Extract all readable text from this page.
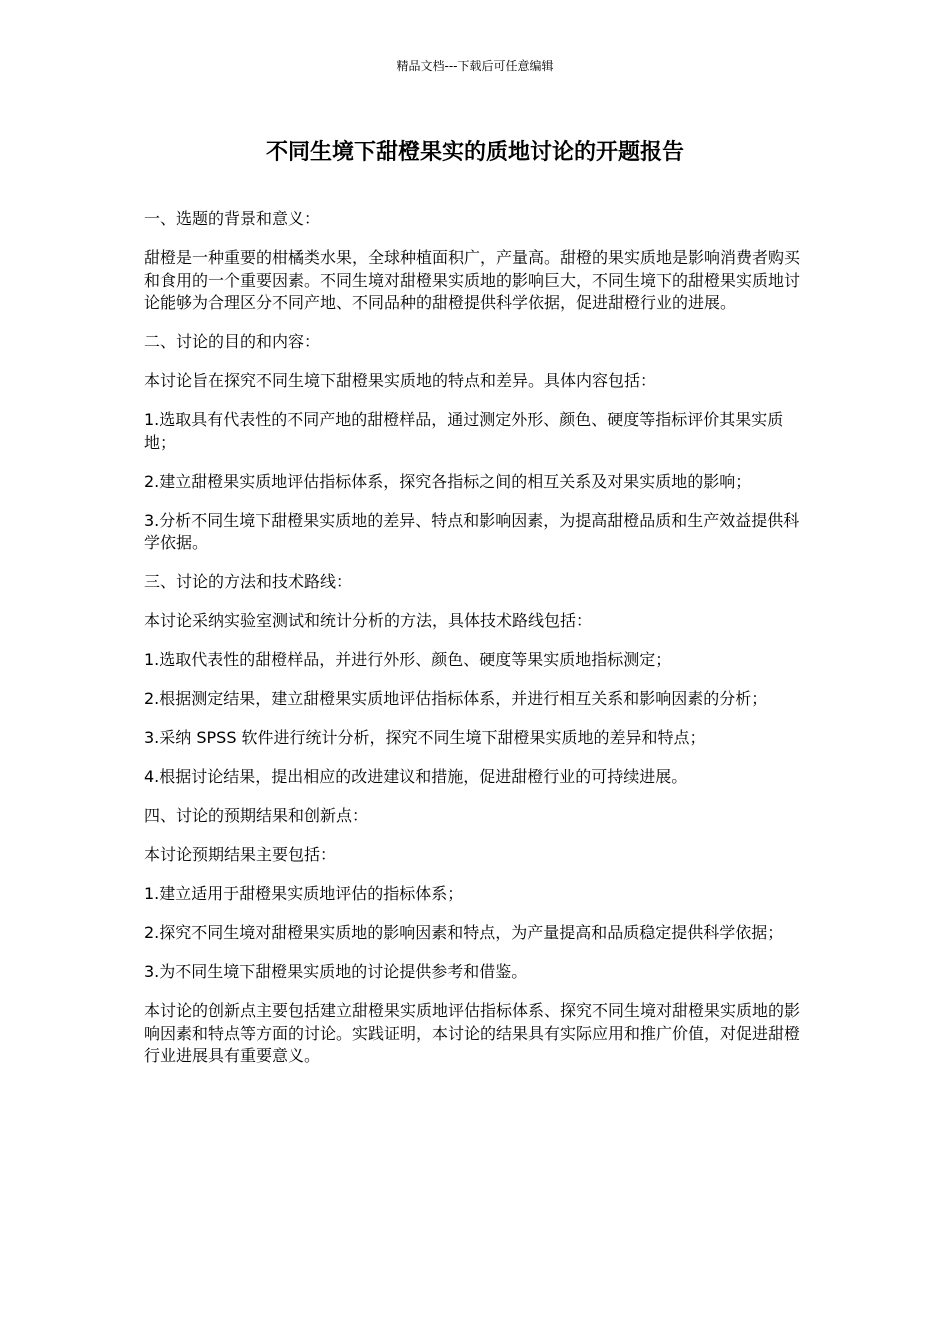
精品文档---下载后可任意编辑
不同生境下甜橙果实的质地讨论的开题报告

一、选题的背景和意义：

甜橙是一种重要的柑橘类水果，全球种植面积广，产量高。甜橙的果实质地是影响消费者购买和食用的一个重要因素。不同生境对甜橙果实质地的影响巨大，不同生境下的甜橙果实质地讨论能够为合理区分不同产地、不同品种的甜橙提供科学依据，促进甜橙行业的进展。

二、讨论的目的和内容：

本讨论旨在探究不同生境下甜橙果实质地的特点和差异。具体内容包括：

1.选取具有代表性的不同产地的甜橙样品，通过测定外形、颜色、硬度等指标评价其果实质地；

2.建立甜橙果实质地评估指标体系，探究各指标之间的相互关系及对果实质地的影响；

3.分析不同生境下甜橙果实质地的差异、特点和影响因素，为提高甜橙品质和生产效益提供科学依据。

三、讨论的方法和技术路线：

本讨论采纳实验室测试和统计分析的方法，具体技术路线包括：

1.选取代表性的甜橙样品，并进行外形、颜色、硬度等果实质地指标测定；

2.根据测定结果，建立甜橙果实质地评估指标体系，并进行相互关系和影响因素的分析；

3.采纳 SPSS 软件进行统计分析，探究不同生境下甜橙果实质地的差异和特点；

4.根据讨论结果，提出相应的改进建议和措施，促进甜橙行业的可持续进展。

四、讨论的预期结果和创新点：

本讨论预期结果主要包括：

1.建立适用于甜橙果实质地评估的指标体系；

2.探究不同生境对甜橙果实质地的影响因素和特点，为产量提高和品质稳定提供科学依据；

3.为不同生境下甜橙果实质地的讨论提供参考和借鉴。

本讨论的创新点主要包括建立甜橙果实质地评估指标体系、探究不同生境对甜橙果实质地的影响因素和特点等方面的讨论。实践证明，本讨论的结果具有实际应用和推广价值，对促进甜橙行业进展具有重要意义。
